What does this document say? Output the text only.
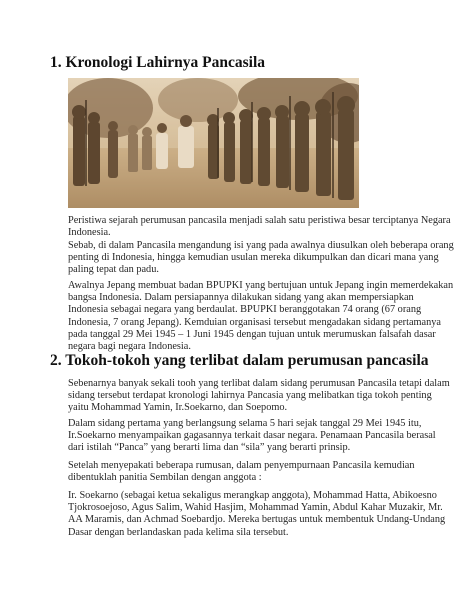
1. Kronologi Lahirnya Pancasila
Peristiwa sejarah perumusan pancasila menjadi salah satu peristiwa besar terciptanya Negara
Indonesia.
Sebab, di dalam Pancasila mengandung isi yang pada awalnya diusulkan oleh beberapa orang
penting di Indonesia, hingga kemudian usulan mereka dikumpulkan dan dicari mana yang
paling tepat dan padu.
Awalnya Jepang membuat badan BPUPKI yang bertujuan untuk Jepang ingin memerdekakan
bangsa Indonesia. Dalam persiapannya dilakukan sidang yang akan mempersiapkan
Indonesia sebagai negara yang berdaulat. BPUPKI beranggotakan 74 orang (67 orang
Indonesia, 7 orang Jepang). Kemduian organisasi tersebut mengadakan sidang pertamanya
pada tanggal 29 Mei 1945 – 1 Juni 1945 dengan tujuan untuk merumuskan falsafah dasar
negara bagi negara Indonesia.
2. Tokoh-tokoh yang terlibat dalam perumusan pancasila
Sebenarnya banyak sekali tooh yang terlibat dalam sidang perumusan Pancasila tetapi dalam
sidang tersebut terdapat kronologi lahirnya Pancasia yang melibatkan tiga tokoh penting
yaitu Mohammad Yamin, Ir.Soekarno, dan Soepomo.
Dalam sidang pertama yang berlangsung selama 5 hari sejak tanggal 29 Mei 1945 itu,
Ir.Soekarno menyampaikan gagasannya terkait dasar negara. Penamaan Pancasila berasal
dari istilah “Panca” yang berarti lima dan “sila” yang berarti prinsip.
Setelah menyepakati beberapa rumusan, dalam penyempurnaan Pancasila kemudian
dibentuklah panitia Sembilan dengan anggota :
Ir. Soekarno (sebagai ketua sekaligus merangkap anggota), Mohammad Hatta, Abikoesno
Tjokrosoejoso, Agus Salim, Wahid Hasjim, Mohammad Yamin, Abdul Kahar Muzakir, Mr.
AA Maramis, dan Achmad Soebardjo. Mereka bertugas untuk membentuk Undang-Undang
Dasar dengan berlandaskan pada kelima sila tersebut.
